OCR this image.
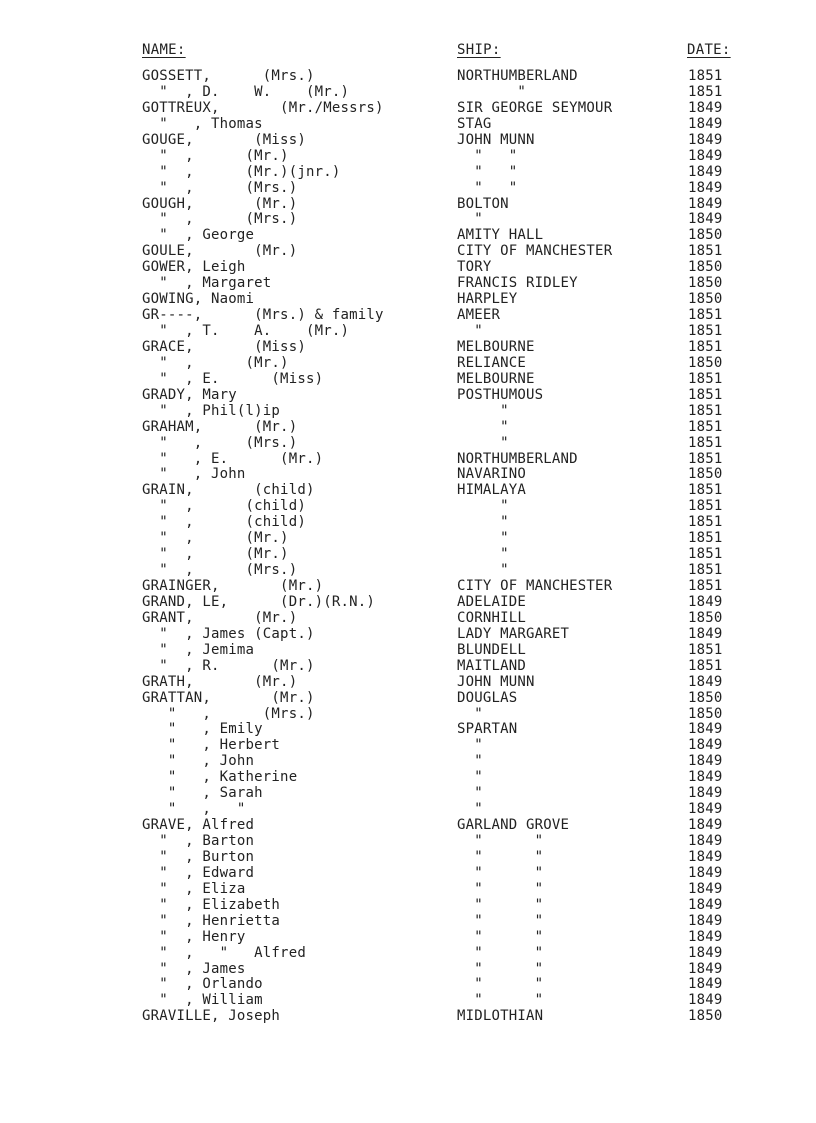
NAME:	SHIP:	DATE:
GOSSETT,      (Mrs.)	NORTHUMBERLAND	1851
"  , D.    W.    (Mr.)	"	1851
GOTTREUX,       (Mr./Messrs)	SIR GEORGE SEYMOUR	1849
"   , Thomas	STAG	1849
GOUGE,       (Miss)	JOHN MUNN	1849
"  ,      (Mr.)	"   "	1849
"  ,      (Mr.)(jnr.)	"   "	1849
"  ,      (Mrs.)	"   "	1849
GOUGH,       (Mr.)	BOLTON	1849
"  ,      (Mrs.)	"	1849
"  , George	AMITY HALL	1850
GOULE,       (Mr.)	CITY OF MANCHESTER	1851
GOWER, Leigh	TORY	1850
"  , Margaret	FRANCIS RIDLEY	1850
GOWING, Naomi	HARPLEY	1850
GR----,      (Mrs.) & family	AMEER	1851
"  , T.    A.    (Mr.)	"	1851
GRACE,       (Miss)	MELBOURNE	1851
"  ,      (Mr.)	RELIANCE	1850
"  , E.      (Miss)	MELBOURNE	1851
GRADY, Mary	POSTHUMOUS	1851
"  , Phil(l)ip	"	1851
GRAHAM,      (Mr.)	"	1851
"   ,     (Mrs.)	"	1851
"   , E.      (Mr.)	NORTHUMBERLAND	1851
"   , John	NAVARINO	1850
GRAIN,       (child)	HIMALAYA	1851
"  ,      (child)	"	1851
"  ,      (child)	"	1851
"  ,      (Mr.)	"	1851
"  ,      (Mr.)	"	1851
"  ,      (Mrs.)	"	1851
GRAINGER,       (Mr.)	CITY OF MANCHESTER	1851
GRAND, LE,      (Dr.)(R.N.)	ADELAIDE	1849
GRANT,       (Mr.)	CORNHILL	1850
"  , James (Capt.)	LADY MARGARET	1849
"  , Jemima	BLUNDELL	1851
"  , R.      (Mr.)	MAITLAND	1851
GRATH,       (Mr.)	JOHN MUNN	1849
GRATTAN,       (Mr.)	DOUGLAS	1850
"   ,      (Mrs.)	"	1850
"   , Emily	SPARTAN	1849
"   , Herbert	"	1849
"   , John	"	1849
"   , Katherine	"	1849
"   , Sarah	"	1849
"   ,   "	"	1849
GRAVE, Alfred	GARLAND GROVE	1849
"  , Barton	"      "	1849
"  , Burton	"      "	1849
"  , Edward	"      "	1849
"  , Eliza	"      "	1849
"  , Elizabeth	"      "	1849
"  , Henrietta	"      "	1849
"  , Henry	"      "	1849
"  ,   "   Alfred	"      "	1849
"  , James	"      "	1849
"  , Orlando	"      "	1849
"  , William	"      "	1849
GRAVILLE, Joseph	MIDLOTHIAN	1850
